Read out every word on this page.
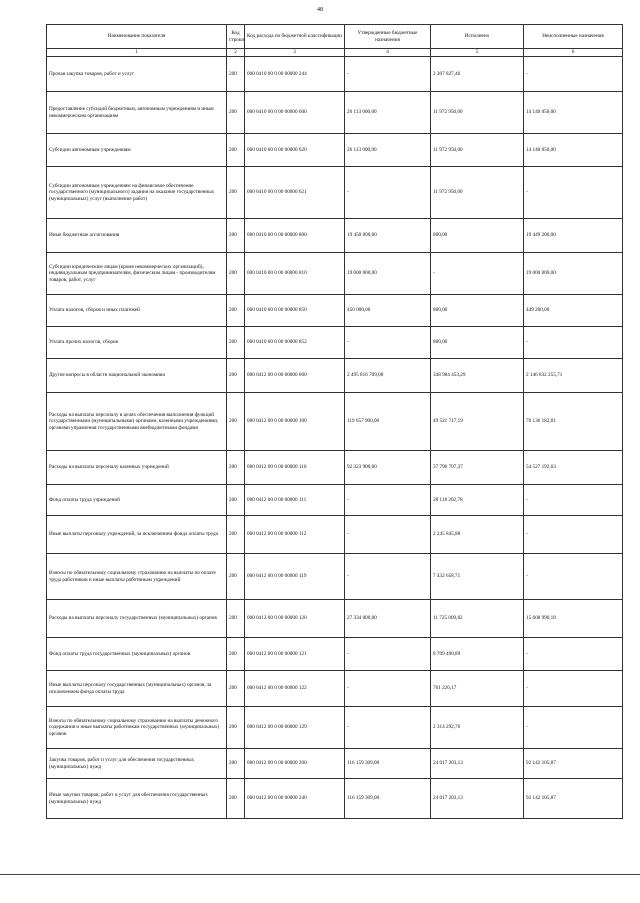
48
Наименование показателя	Код строки	Код расхода по бюджетной классификации	Утвержденные бюджетные назначения	Исполнено	Неисполненные назначения
1	2	3	4	5	6
Прочая закупка товаров, работ и услуг	200	000 0410 00 0 00 00000 244	-	2 307 827,46	-
Предоставление субсидий бюджетным, автономным учреждениям и иным некоммерческим организациям	200	000 0410 00 0 00 00000 600	26 113 000,00	11 972 950,00	14 140 050,00
Субсидии автономным учреждениям	200	000 0410 00 0 00 00000 620	26 113 000,00	11 972 950,00	14 140 050,00
Субсидии автономным учреждениям на финансовое обеспечение государственного (муниципального) задания на оказание государственных (муниципальных) услуг (выполнение работ)	200	000 0410 00 0 00 00000 621	-	11 972 950,00	-
Иные бюджетные ассигнования	200	000 0410 00 0 00 00000 800	19 450 000,00	800,00	19 449 200,00
Субсидии юридическим лицам (кроме некоммерческих организаций), индивидуальным предпринимателям, физическим лицам - производителям товаров, работ, услуг	200	000 0410 00 0 00 00000 810	19 000 000,00	-	19 000 000,00
Уплата налогов, сборов и иных платежей	200	000 0410 00 0 00 00000 850	450 000,00	800,00	449 200,00
Уплата прочих налогов, сборов	200	000 0410 00 0 00 00000 852	-	800,00	-
Другие вопросы в области национальной экономики	200	000 0412 00 0 00 00000 000	2 495 816 709,00	348 984 453,29	2 146 832 255,71
Расходы на выплаты персоналу в целях обеспечения выполнения функций государственными (муниципальными) органами, казенными учреждениями, органами управления государственными внебюджетными фондами	200	000 0412 00 0 00 00000 100	119 657 900,00	49 521 717,19	70 136 182,81
Расходы на выплаты персоналу казенных учреждений	200	000 0412 00 0 00 00000 110	92 323 900,00	37 796 707,37	54 527 192,63
Фонд оплаты труда учреждений	200	000 0412 00 0 00 00000 111	-	28 118 202,78	-
Иные выплаты персоналу учреждений, за исключением фонда оплаты труда	200	000 0412 00 0 00 00000 112	-	2 245 845,88	-
Взносы по обязательному социальному страхованию на выплаты по оплате труда работников и иные выплаты работникам учреждений	200	000 0412 00 0 00 00000 119	-	7 432 658,71	-
Расходы на выплаты персоналу государственных (муниципальных) органов	200	000 0412 00 0 00 00000 120	27 334 000,00	11 725 009,82	15 608 990,18
Фонд оплаты труда государственных (муниципальных) органов	200	000 0412 00 0 00 00000 121	-	8 709 490,89	-
Иные выплаты персоналу государственных (муниципальных) органов, за исключением фонда оплаты труда	200	000 0412 00 0 00 00000 122	-	701 226,17	-
Взносы по обязательному социальному страхованию на выплаты денежного содержания и иные выплаты работникам государственных (муниципальных) органов	200	000 0412 00 0 00 00000 129	-	2 314 292,76	-
Закупка товаров, работ и услуг для обеспечения государственных (муниципальных) нужд	200	000 0412 00 0 00 00000 200	116 159 309,00	24 017 203,13	92 142 105,87
Иные закупки товаров, работ и услуг для обеспечения государственных (муниципальных) нужд	200	000 0412 00 0 00 00000 240	116 159 309,00	24 017 203,13	92 142 105,87
